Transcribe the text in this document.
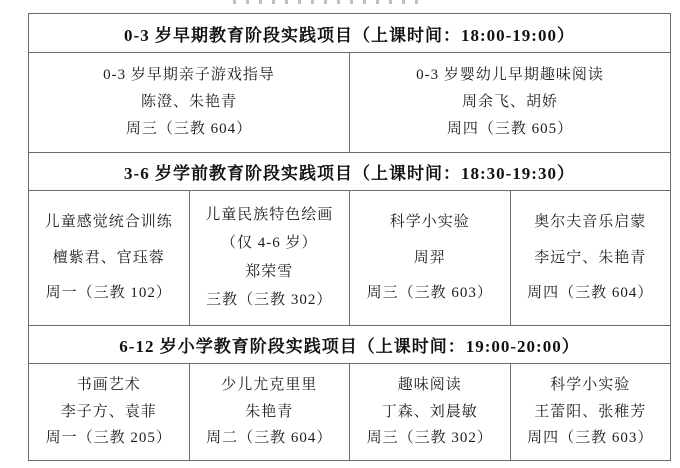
0-3 岁早期教育阶段实践项目（上课时间：18:00-19:00）
0-3 岁早期亲子游戏指导
陈澄、朱艳青
周三（三教 604）
0-3 岁婴幼儿早期趣味阅读
周余飞、胡娇
周四（三教 605）
3-6 岁学前教育阶段实践项目（上课时间：18:30-19:30）
儿童感觉统合训练
檀紫君、官珏蓉
周一（三教 102）
儿童民族特色绘画
（仅 4-6 岁）
郑荣雪
三教（三教 302）
科学小实验
周羿
周三（三教 603）
奥尔夫音乐启蒙
李远宁、朱艳青
周四（三教 604）
6-12 岁小学教育阶段实践项目（上课时间：19:00-20:00）
书画艺术
李子方、袁菲
周一（三教 205）
少儿尤克里里
朱艳青
周二（三教 604）
趣味阅读
丁森、刘晨敏
周三（三教 302）
科学小实验
王蕾阳、张稚芳
周四（三教 603）
